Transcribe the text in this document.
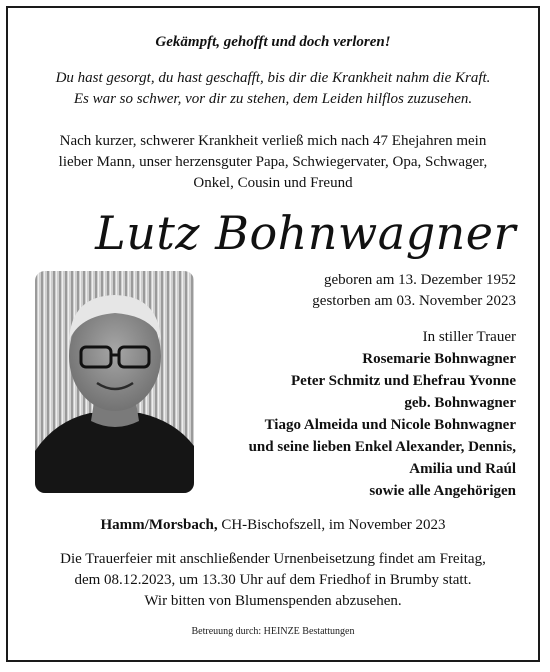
Gekämpft, gehofft und doch verloren!
Du hast gesorgt, du hast geschafft, bis dir die Krankheit nahm die Kraft.
Es war so schwer, vor dir zu stehen, dem Leiden hilflos zuzusehen.
Nach kurzer, schwerer Krankheit verließ mich nach 47 Ehejahren mein
lieber Mann, unser herzensguter Papa, Schwiegervater, Opa, Schwager,
Onkel, Cousin und Freund
Lutz Bohnwagner
geboren am 13. Dezember 1952
gestorben am 03. November 2023
In stiller Trauer
Rosemarie Bohnwagner
Peter Schmitz und Ehefrau Yvonne
geb. Bohnwagner
Tiago Almeida und Nicole Bohnwagner
und seine lieben Enkel Alexander, Dennis,
Amilia und Raúl
sowie alle Angehörigen
Hamm/Morsbach, CH-Bischofszell, im November 2023
Die Trauerfeier mit anschließender Urnenbeisetzung findet am Freitag,
dem 08.12.2023, um 13.30 Uhr auf dem Friedhof in Brumby statt.
Wir bitten von Blumenspenden abzusehen.
Betreuung durch: HEINZE Bestattungen
